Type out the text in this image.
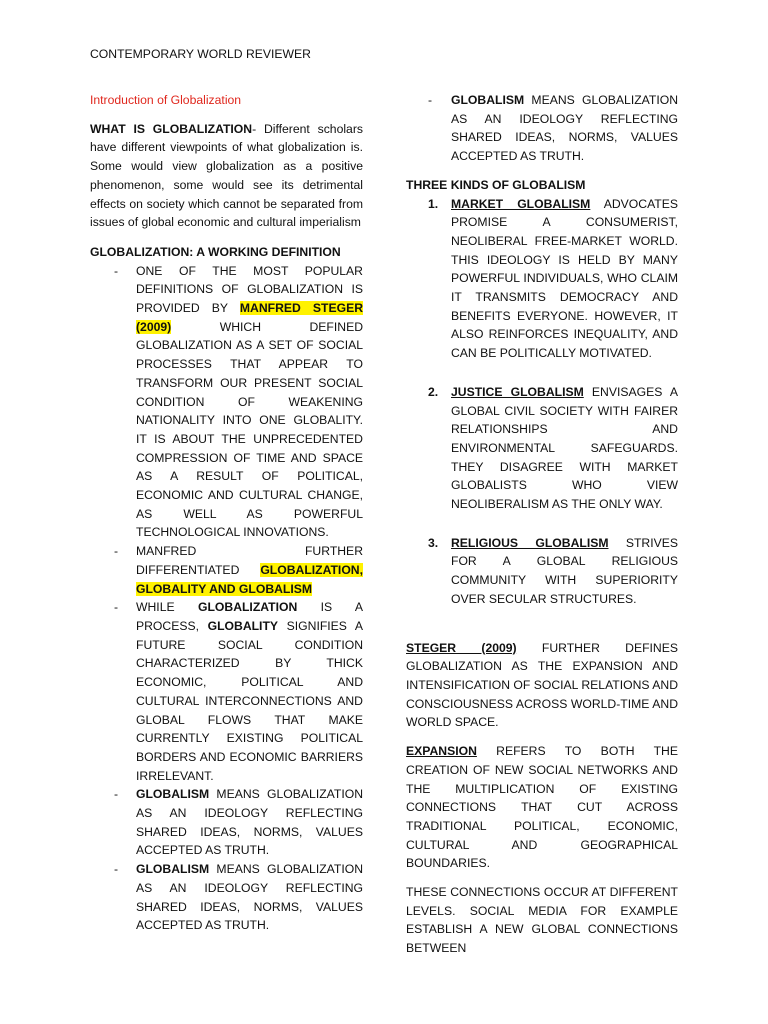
CONTEMPORARY WORLD REVIEWER

Introduction of Globalization

WHAT IS GLOBALIZATION- Different scholars have different viewpoints of what globalization is. Some would view globalization as a positive phenomenon, some would see its detrimental effects on society which cannot be separated from issues of global economic and cultural imperialism

GLOBALIZATION: A WORKING DEFINITION

- ONE OF THE MOST POPULAR DEFINITIONS OF GLOBALIZATION IS PROVIDED BY MANFRED STEGER (2009) WHICH DEFINED GLOBALIZATION AS A SET OF SOCIAL PROCESSES THAT APPEAR TO TRANSFORM OUR PRESENT SOCIAL CONDITION OF WEAKENING NATIONALITY INTO ONE GLOBALITY. IT IS ABOUT THE UNPRECEDENTED COMPRESSION OF TIME AND SPACE AS A RESULT OF POLITICAL, ECONOMIC AND CULTURAL CHANGE, AS WELL AS POWERFUL TECHNOLOGICAL INNOVATIONS.
- MANFRED FURTHER DIFFERENTIATED GLOBALIZATION, GLOBALITY AND GLOBALISM
- WHILE GLOBALIZATION IS A PROCESS, GLOBALITY SIGNIFIES A FUTURE SOCIAL CONDITION CHARACTERIZED BY THICK ECONOMIC, POLITICAL AND CULTURAL INTERCONNECTIONS AND GLOBAL FLOWS THAT MAKE CURRENTLY EXISTING POLITICAL BORDERS AND ECONOMIC BARRIERS IRRELEVANT.
- GLOBALISM MEANS GLOBALIZATION AS AN IDEOLOGY REFLECTING SHARED IDEAS, NORMS, VALUES ACCEPTED AS TRUTH.
- GLOBALISM MEANS GLOBALIZATION AS AN IDEOLOGY REFLECTING SHARED IDEAS, NORMS, VALUES ACCEPTED AS TRUTH.
- GLOBALISM MEANS GLOBALIZATION AS AN IDEOLOGY REFLECTING SHARED IDEAS, NORMS, VALUES ACCEPTED AS TRUTH.

THREE KINDS OF GLOBALISM

1. MARKET GLOBALISM ADVOCATES PROMISE A CONSUMERIST, NEOLIBERAL FREE-MARKET WORLD. THIS IDEOLOGY IS HELD BY MANY POWERFUL INDIVIDUALS, WHO CLAIM IT TRANSMITS DEMOCRACY AND BENEFITS EVERYONE. HOWEVER, IT ALSO REINFORCES INEQUALITY, AND CAN BE POLITICALLY MOTIVATED.
2. JUSTICE GLOBALISM ENVISAGES A GLOBAL CIVIL SOCIETY WITH FAIRER RELATIONSHIPS AND ENVIRONMENTAL SAFEGUARDS. THEY DISAGREE WITH MARKET GLOBALISTS WHO VIEW NEOLIBERALISM AS THE ONLY WAY.
3. RELIGIOUS GLOBALISM STRIVES FOR A GLOBAL RELIGIOUS COMMUNITY WITH SUPERIORITY OVER SECULAR STRUCTURES.

STEGER (2009) FURTHER DEFINES GLOBALIZATION AS THE EXPANSION AND INTENSIFICATION OF SOCIAL RELATIONS AND CONSCIOUSNESS ACROSS WORLD-TIME AND WORLD SPACE.

EXPANSION REFERS TO BOTH THE CREATION OF NEW SOCIAL NETWORKS AND THE MULTIPLICATION OF EXISTING CONNECTIONS THAT CUT ACROSS TRADITIONAL POLITICAL, ECONOMIC, CULTURAL AND GEOGRAPHICAL BOUNDARIES.

THESE CONNECTIONS OCCUR AT DIFFERENT LEVELS. SOCIAL MEDIA FOR EXAMPLE ESTABLISH A NEW GLOBAL CONNECTIONS BETWEEN
